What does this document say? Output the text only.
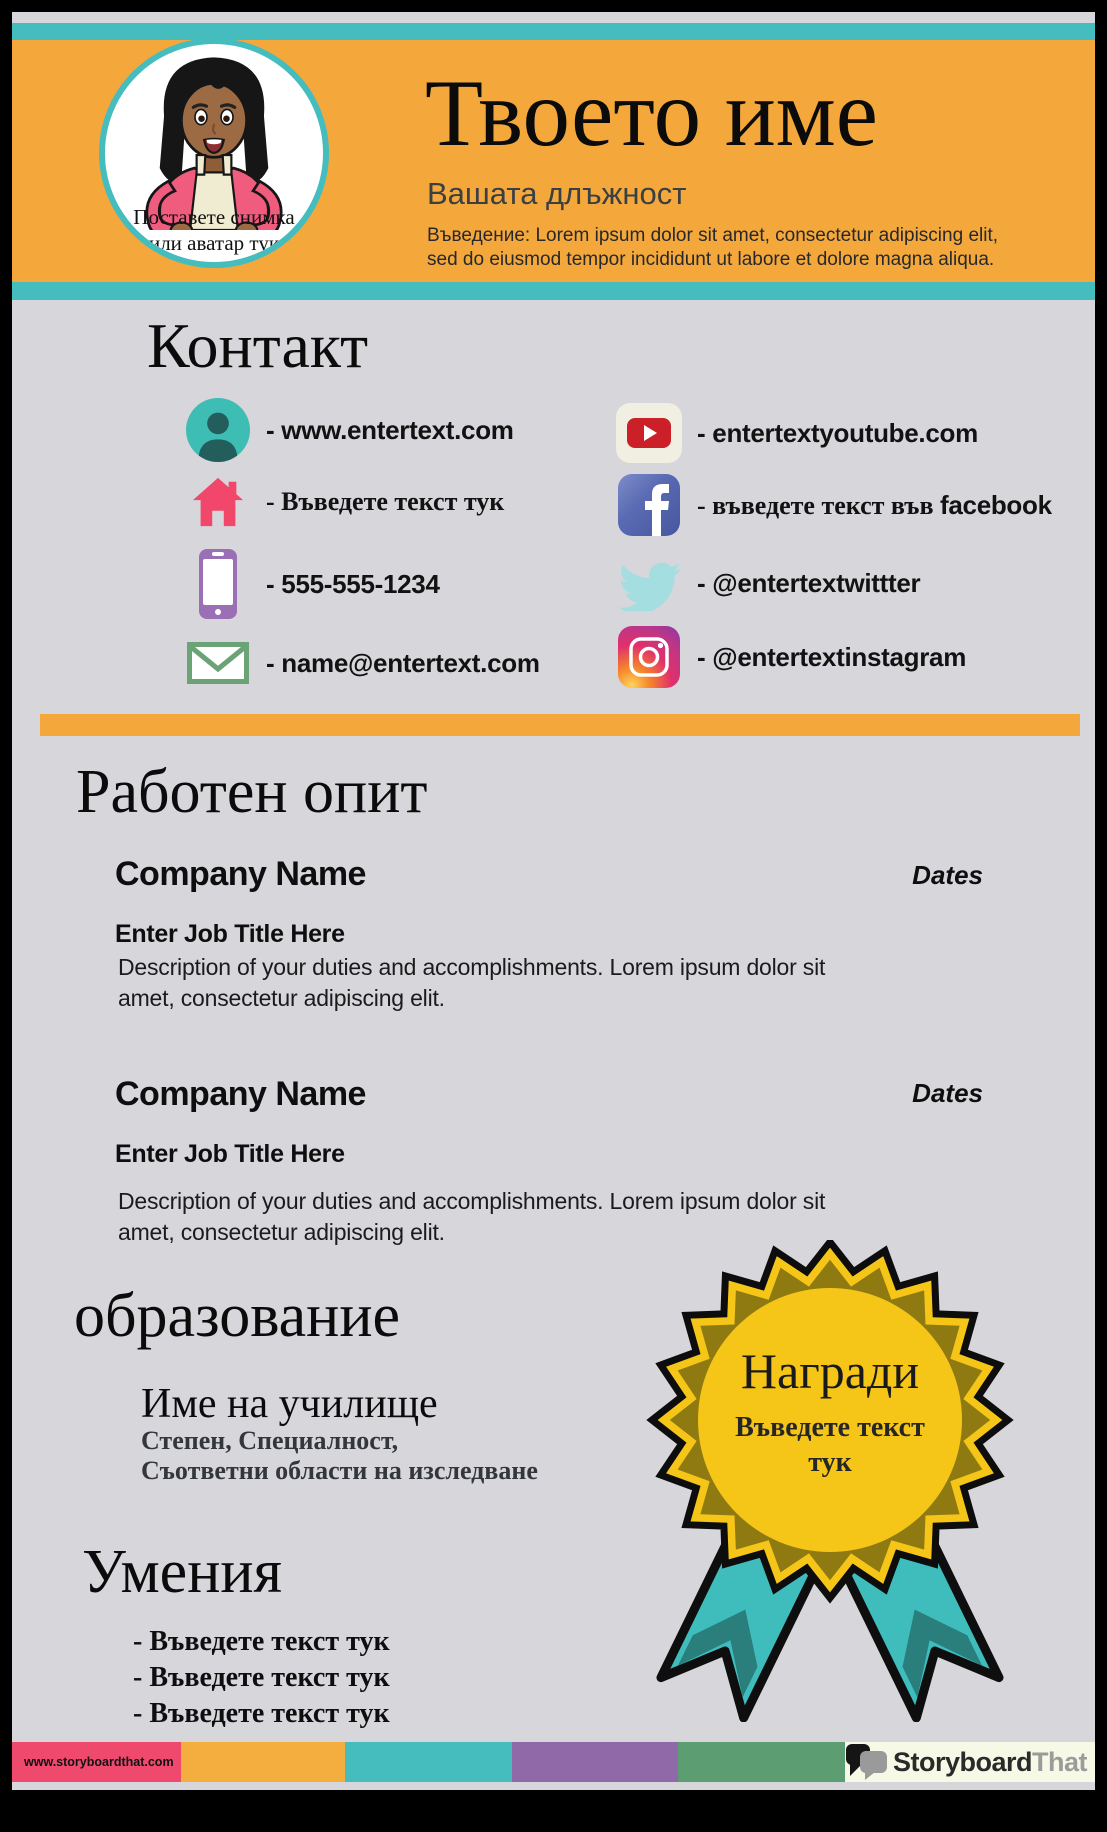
Поставете снимка
или аватар тук
Твоето име
Вашата длъжност
Въведение: Lorem ipsum dolor sit amet, consectetur adipiscing elit, sed do eiusmod tempor incididunt ut labore et dolore magna aliqua.
Контакт
- www.entertext.com
- Въведете текст тук
- 555-555-1234
- name@entertext.com
- entertextyoutube.com
- въведете текст във facebook
- @entertextwittter
- @entertextinstagram
Работен опит
Company Name	Dates
Enter Job Title Here
Description of your duties and accomplishments. Lorem ipsum dolor sit amet, consectetur adipiscing elit.
Company Name	Dates
Enter Job Title Here
Description of your duties and accomplishments. Lorem ipsum dolor sit amet, consectetur adipiscing elit.
образование
Име на училище
Степен, Специалност,
Съответни области на изследване
Награди
Въведете текст
тук
Умения
- Въведете текст тук
- Въведете текст тук
- Въведете текст тук
www.storyboardthat.com	StoryboardThat
